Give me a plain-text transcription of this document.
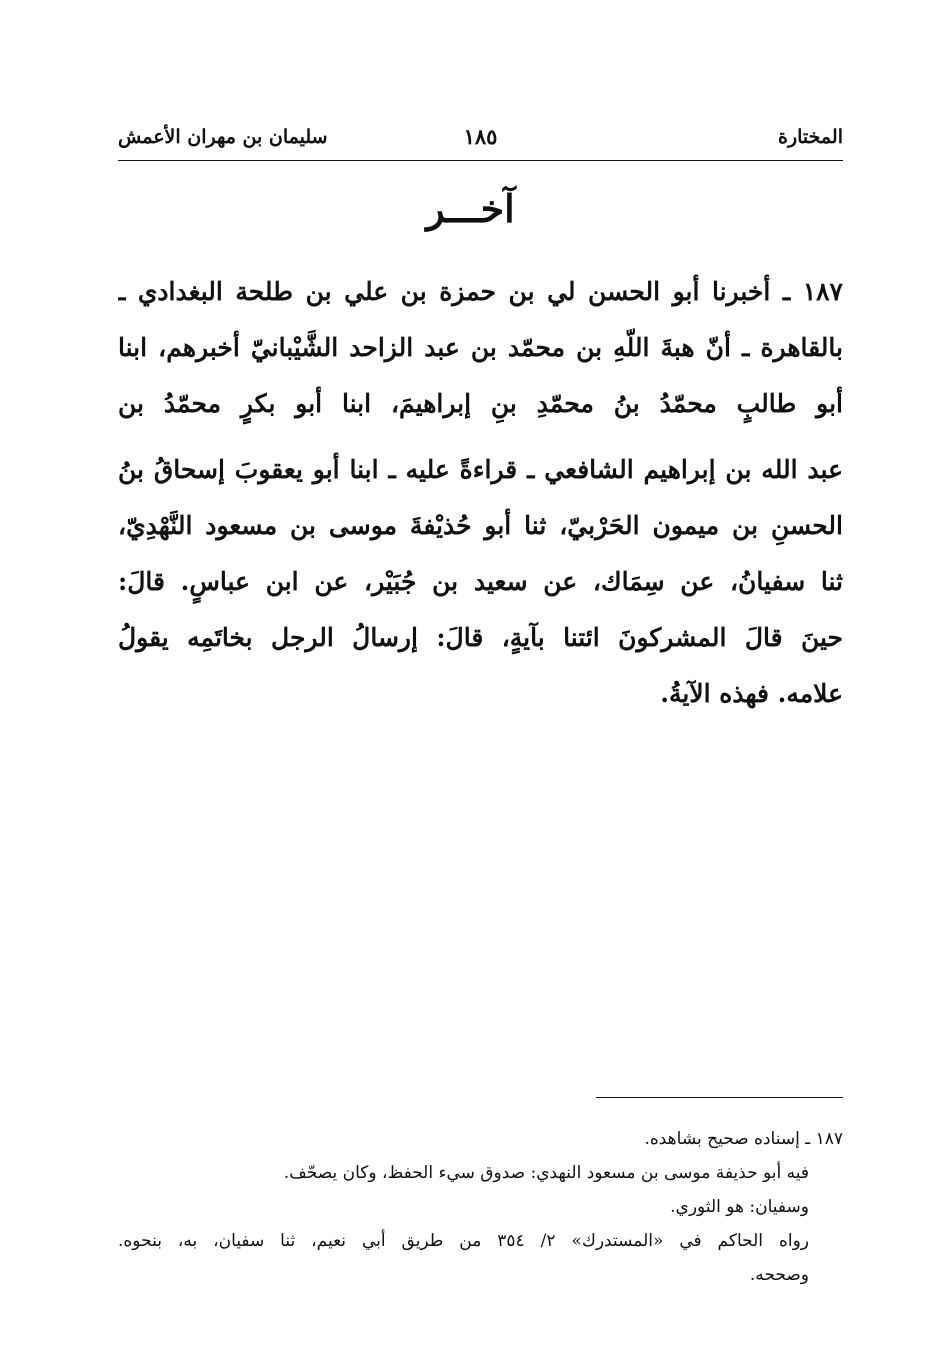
المختارة
١٨٥
سليمان بن مهران الأعمش
آخـــر
١٨٧ ـ أخبرنا أبو الحسن لي بن حمزة بن علي بن طلحة البغدادي ـ
بالقاهرة ـ أنّ هبةَ اللّهِ بن محمّد بن عبد الزاحد الشَّيْبانيّ أخبرهم، ابنا
أبو طالبٍ محمّدُ بنُ محمّدِ بنِ إبراهيمَ، ابنا أبو بكرٍ محمّدُ بن
عبد الله بن إبراهيم الشافعي ـ قراءةً عليه ـ ابنا أبو يعقوبَ إسحاقُ بنُ
الحسنِ بن ميمون الحَرْبيّ، ثنا أبو حُذيْفةَ موسى بن مسعود النَّهْدِيّ،
ثنا سفيانُ، عن سِمَاك، عن سعيد بن جُبَيْر، عن ابن عباسٍ. قالَ:
حينَ قالَ المشركونَ ائتنا بآيةٍ، قالَ: إرسالُ الرجل بخاتَمِه يقولُ
علامه. فهذه الآيةُ.
١٨٧ ـ إسناده صحيح بشاهده.
فيه أبو حذيفة موسى بن مسعود النهدي: صدوق سيء الحفظ، وكان يصحّف.
وسفيان: هو الثوري.
رواه الحاكم في «المستدرك» ٢/ ٣٥٤ من طريق أبي نعيم، ثنا سفيان، به، بنحوه.
وصححه.
